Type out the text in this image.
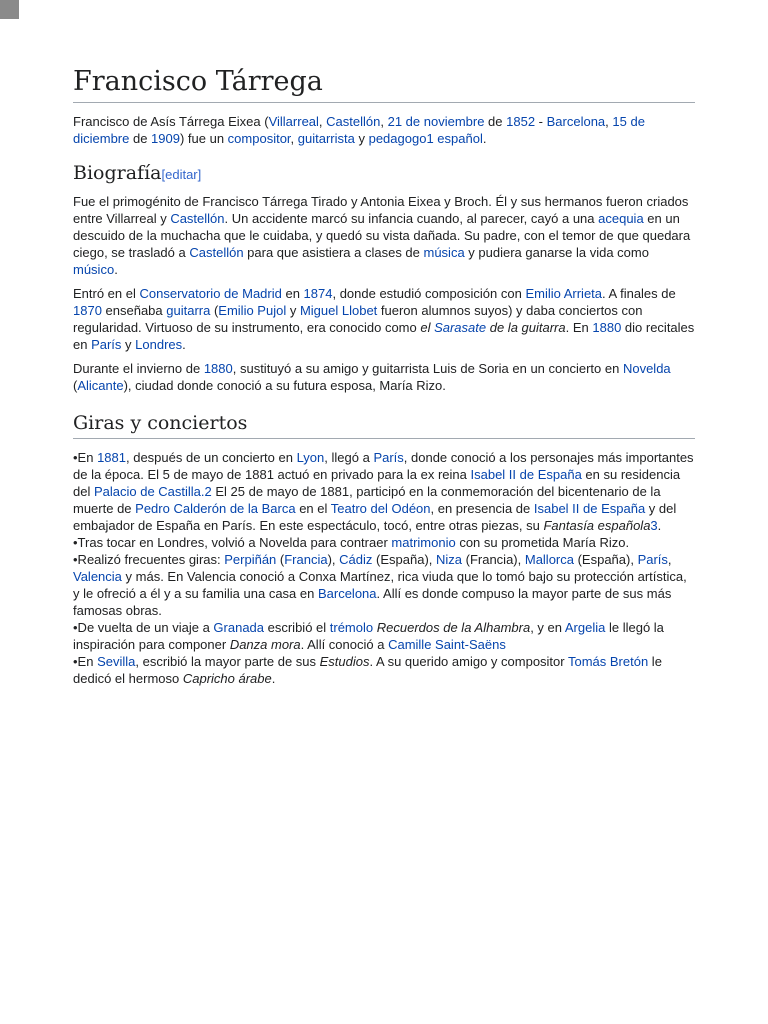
Francisco Tárrega

Francisco de Asís Tárrega Eixea (Villarreal, Castellón, 21 de noviembre de 1852 - Barcelona, 15 de diciembre de 1909) fue un compositor, guitarrista y pedagogo1 español.

Biografía[editar]

Fue el primogénito de Francisco Tárrega Tirado y Antonia Eixea y Broch. Él y sus hermanos fueron criados entre Villarreal y Castellón. Un accidente marcó su infancia cuando, al parecer, cayó a una acequia en un descuido de la muchacha que le cuidaba, y quedó su vista dañada. Su padre, con el temor de que quedara ciego, se trasladó a Castellón para que asistiera a clases de música y pudiera ganarse la vida como músico.

Entró en el Conservatorio de Madrid en 1874, donde estudió composición con Emilio Arrieta. A finales de 1870 enseñaba guitarra (Emilio Pujol y Miguel Llobet fueron alumnos suyos) y daba conciertos con regularidad. Virtuoso de su instrumento, era conocido como el Sarasate de la guitarra. En 1880 dio recitales en París y Londres.

Durante el invierno de 1880, sustituyó a su amigo y guitarrista Luis de Soria en un concierto en Novelda (Alicante), ciudad donde conoció a su futura esposa, María Rizo.

Giras y conciertos

•En 1881, después de un concierto en Lyon, llegó a París, donde conoció a los personajes más importantes de la época. El 5 de mayo de 1881 actuó en privado para la ex reina Isabel II de España en su residencia del Palacio de Castilla.2 El 25 de mayo de 1881, participó en la conmemoración del bicentenario de la muerte de Pedro Calderón de la Barca en el Teatro del Odéon, en presencia de Isabel II de España y del embajador de España en París. En este espectáculo, tocó, entre otras piezas, su Fantasía española3.

•Tras tocar en Londres, volvió a Novelda para contraer matrimonio con su prometida María Rizo.

•Realizó frecuentes giras: Perpiñán (Francia), Cádiz (España), Niza (Francia), Mallorca (España), París, Valencia y más. En Valencia conoció a Conxa Martínez, rica viuda que lo tomó bajo su protección artística, y le ofreció a él y a su familia una casa en Barcelona. Allí es donde compuso la mayor parte de sus más famosas obras.

•De vuelta de un viaje a Granada escribió el trémolo Recuerdos de la Alhambra, y en Argelia le llegó la inspiración para componer Danza mora. Allí conoció a Camille Saint-Saëns

•En Sevilla, escribió la mayor parte de sus Estudios. A su querido amigo y compositor Tomás Bretón le dedicó el hermoso Capricho árabe.
